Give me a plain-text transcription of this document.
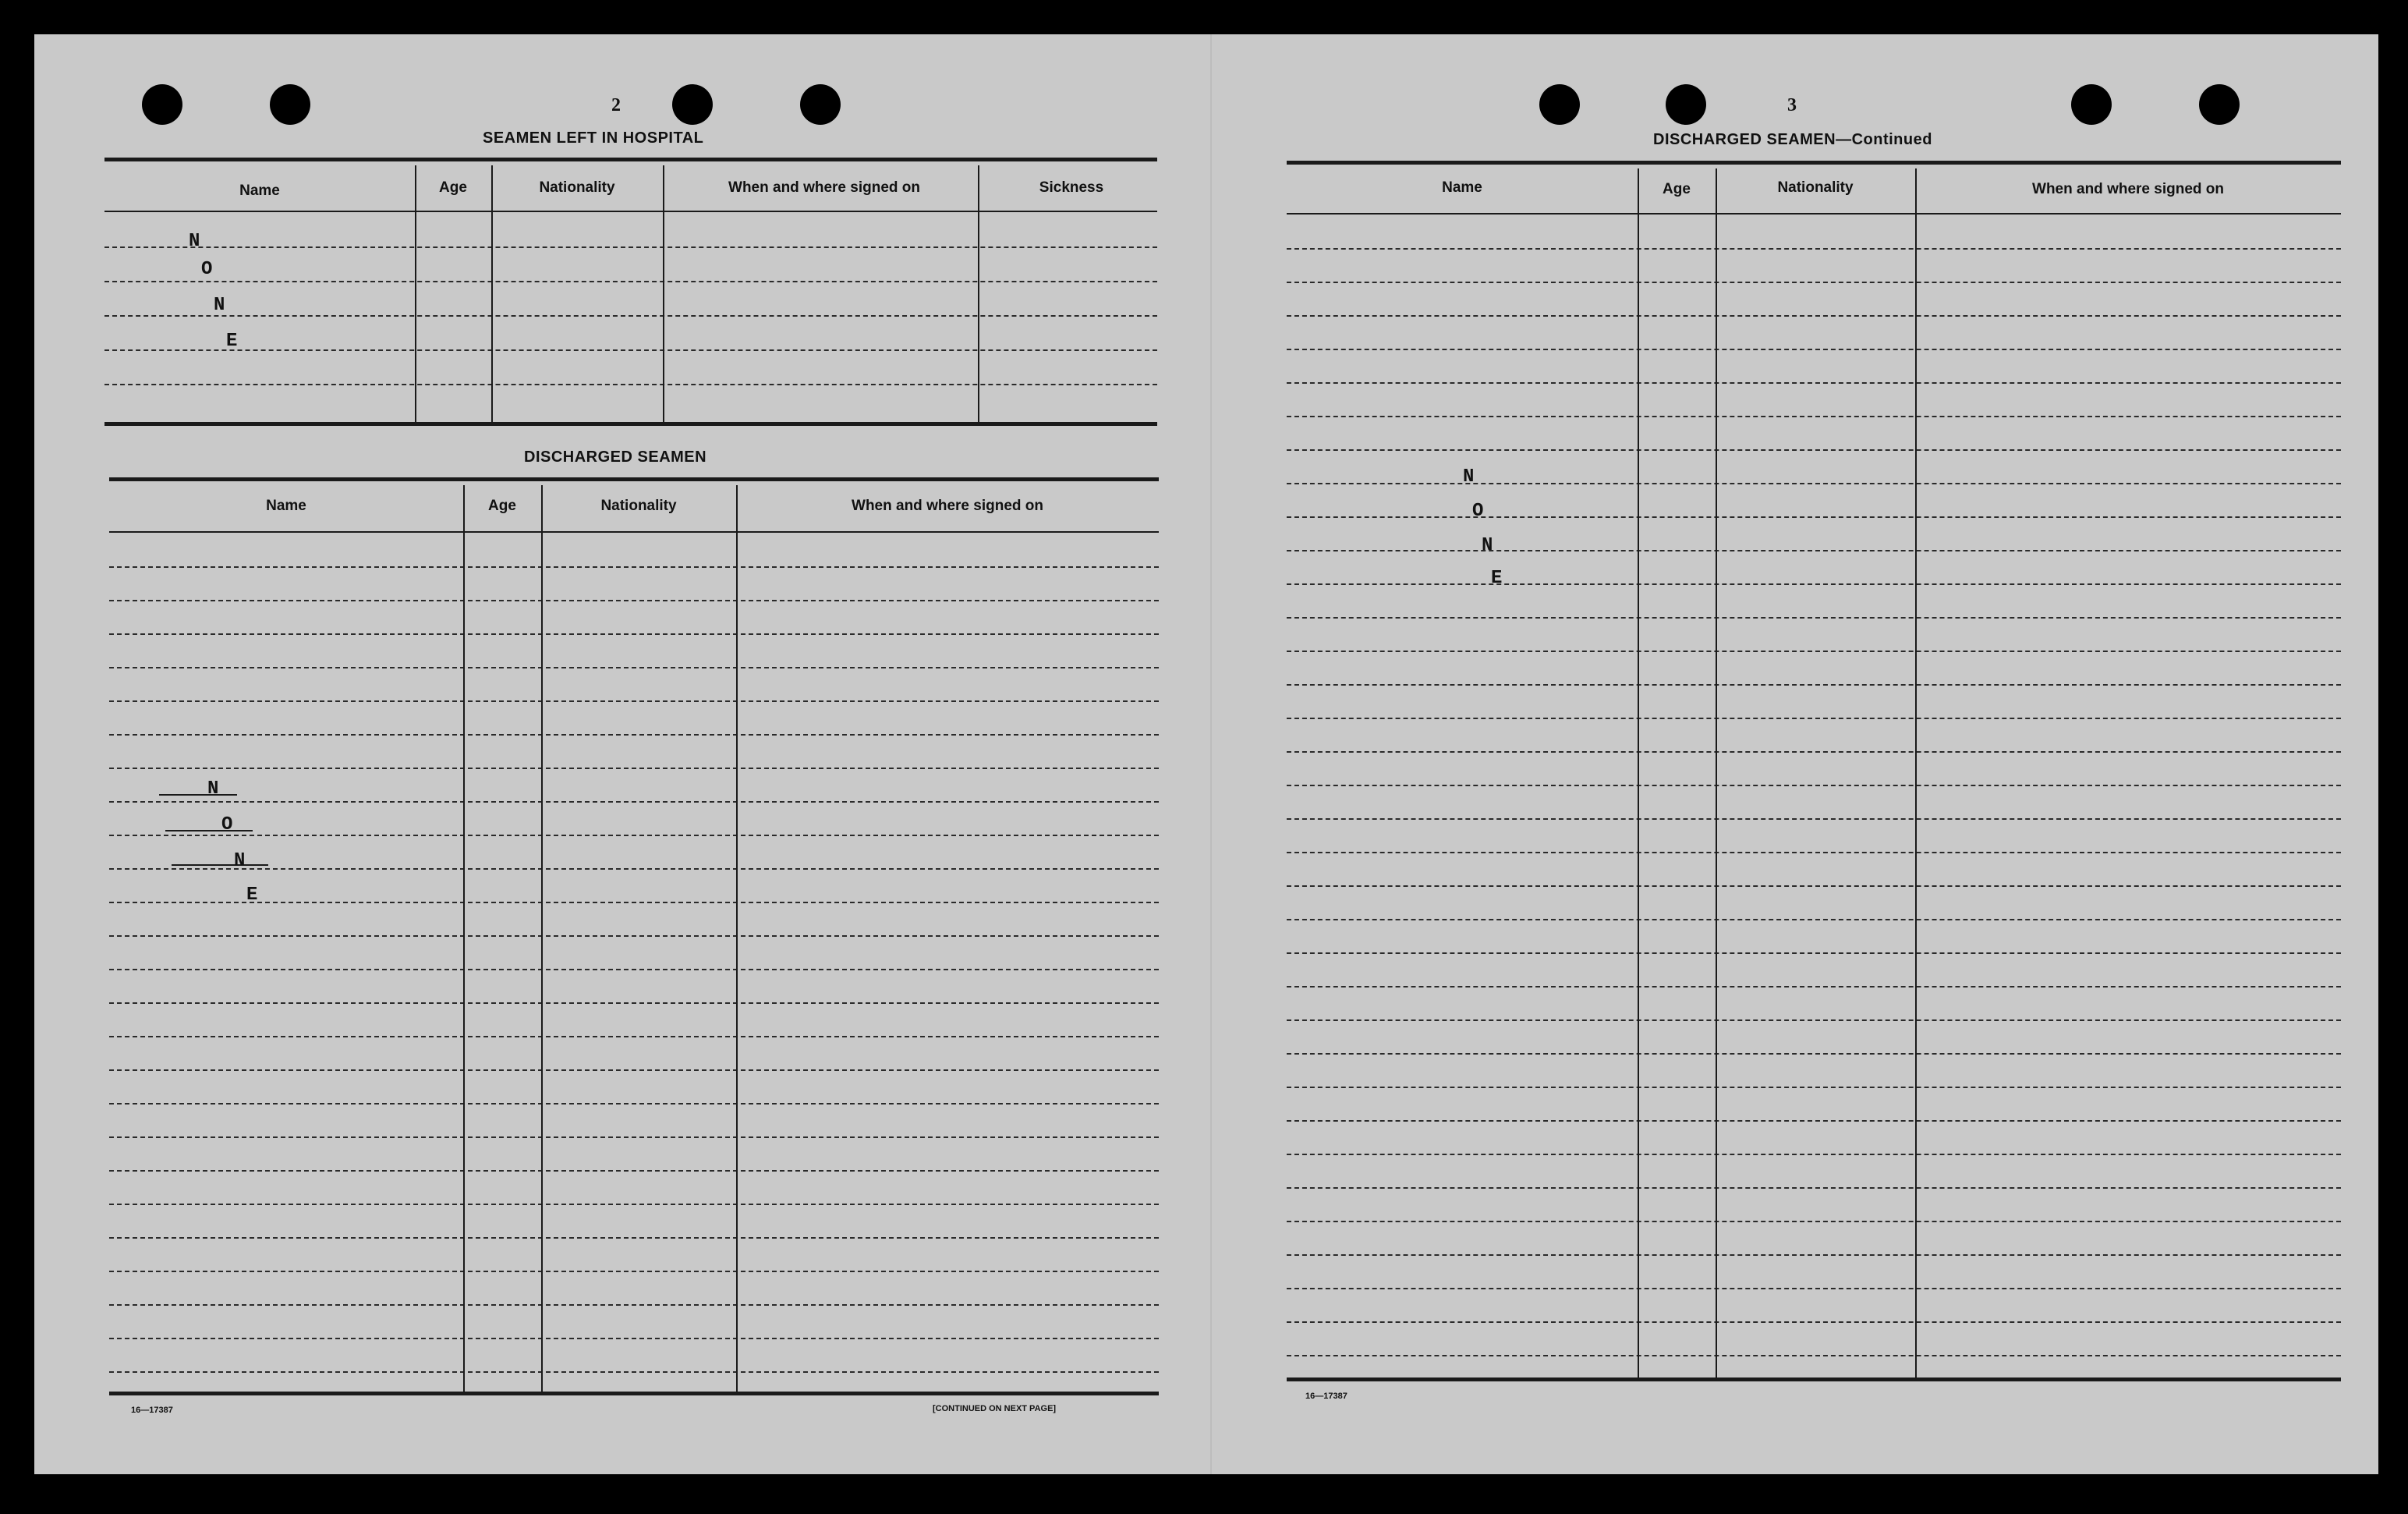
2
SEAMEN LEFT IN HOSPITAL
Name	Age	Nationality	When and where signed on	Sickness
N
O
N
E
DISCHARGED SEAMEN
Name	Age	Nationality	When and where signed on
N
O
N
E
16—17387	[CONTINUED ON NEXT PAGE]
3
DISCHARGED SEAMEN—Continued
Name	Age	Nationality	When and where signed on
N
O
N
E
16—17387
